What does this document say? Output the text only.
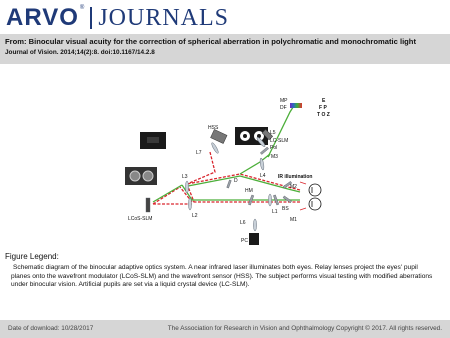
ARVO ® JOURNALS
From: Binocular visual acuity for the correction of spherical aberration in polychromatic and monochromatic light
Journal of Vision. 2014;14(2):8. doi:10.1167/14.2.8
E
F P
T O Z
MP
DF
HSS
L5
LC-SLM
Pol
M3
L7
L4
D
IR illumination
L3
M2
HM
BS
L1
L2
M1
L6
LCoS-SLM
PC
Figure Legend:
Schematic diagram of the binocular adaptive optics system. A near infrared laser illuminates both eyes. Relay lenses project the eyes' pupil planes onto the wavefront modulator (LCoS-SLM) and the wavefront sensor (HSS). The subject performs visual testing with modified aberrations under binocular vision. Artificial pupils are set via a liquid crystal device (LC-SLM).
Date of download: 10/28/2017	The Association for Research in Vision and Ophthalmology Copyright © 2017. All rights reserved.
